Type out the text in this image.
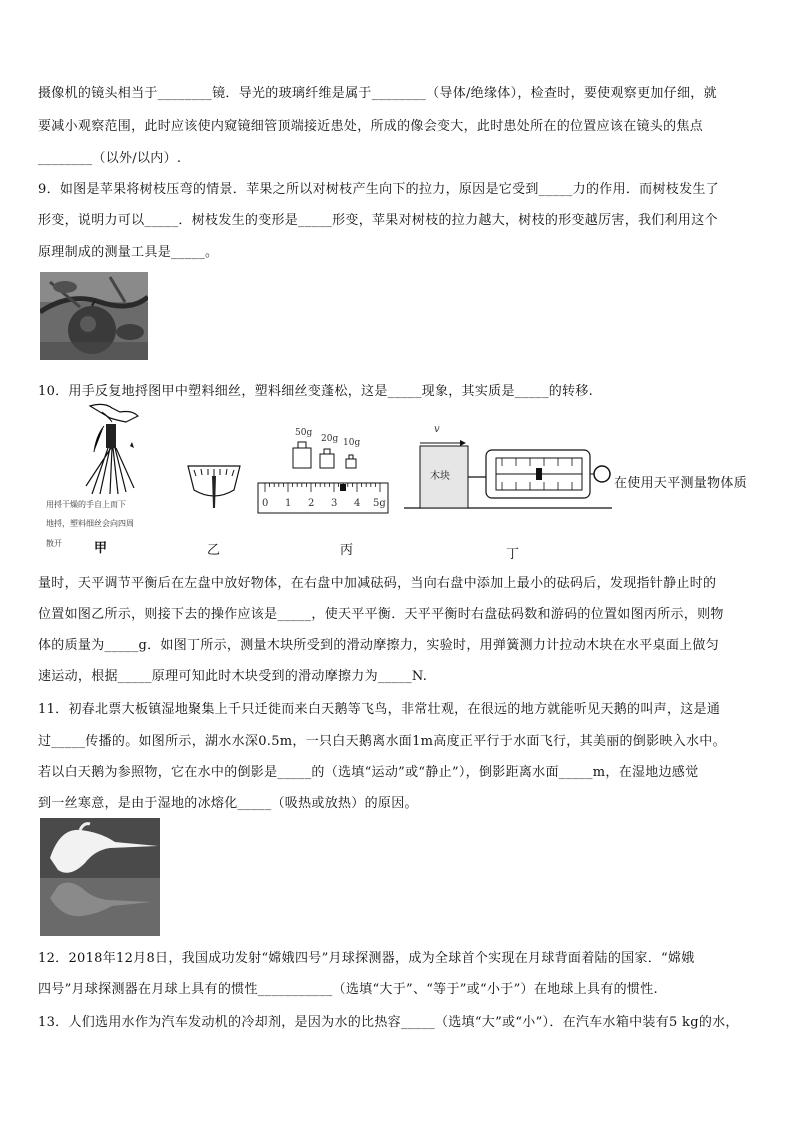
摄像机的镜头相当于________镜．导光的玻璃纤维是属于________（导体/绝缘体），检查时，要使观察更加仔细，就
要减小观察范围，此时应该使内窥镜细管顶端接近患处，所成的像会变大，此时患处所在的位置应该在镜头的焦点
________（以外/以内）.
9．如图是苹果将树枝压弯的情景．苹果之所以对树枝产生向下的拉力，原因是它受到_____力的作用．而树枝发生了
形变，说明力可以_____．树枝发生的变形是_____形变，苹果对树枝的拉力越大，树枝的形变越厉害，我们利用这个
原理制成的测量工具是_____。
10．用手反复地捋图甲中塑料细丝，塑料细丝变蓬松，这是_____现象，其实质是_____的转移.
用捋干燥的手自上而下
地捋，塑料细丝会向四周
散开 甲	乙
50g
20g 10g
0 1 2 3 4 5g
丙
v
木块
丁
在使用天平测量物体质
量时，天平调节平衡后在左盘中放好物体，在右盘中加减砝码，当向右盘中添加上最小的砝码后，发现指针静止时的
位置如图乙所示，则接下去的操作应该是_____，使天平平衡．天平平衡时右盘砝码数和游码的位置如图丙所示，则物
体的质量为_____g．如图丁所示，测量木块所受到的滑动摩擦力，实验时，用弹簧测力计拉动木块在水平桌面上做匀
速运动，根据_____原理可知此时木块受到的滑动摩擦力为_____N.
11．初春北票大板镇湿地聚集上千只迁徙而来白天鹅等飞鸟，非常壮观，在很远的地方就能听见天鹅的叫声，这是通
过_____传播的。如图所示，湖水水深0.5m，一只白天鹅离水面1m高度正平行于水面飞行，其美丽的倒影映入水中。
若以白天鹅为参照物，它在水中的倒影是_____的（选填“运动”或“静止”），倒影距离水面_____m，在湿地边感觉
到一丝寒意，是由于湿地的冰熔化_____（吸热或放热）的原因。
12．2018年12月8日，我国成功发射“嫦娥四号”月球探测器，成为全球首个实现在月球背面着陆的国家．“嫦娥
四号”月球探测器在月球上具有的惯性___________（选填“大于”、“等于”或“小于”）在地球上具有的惯性.
13．人们选用水作为汽车发动机的冷却剂，是因为水的比热容_____（选填“大”或“小”）．在汽车水箱中装有5 kg的水，
